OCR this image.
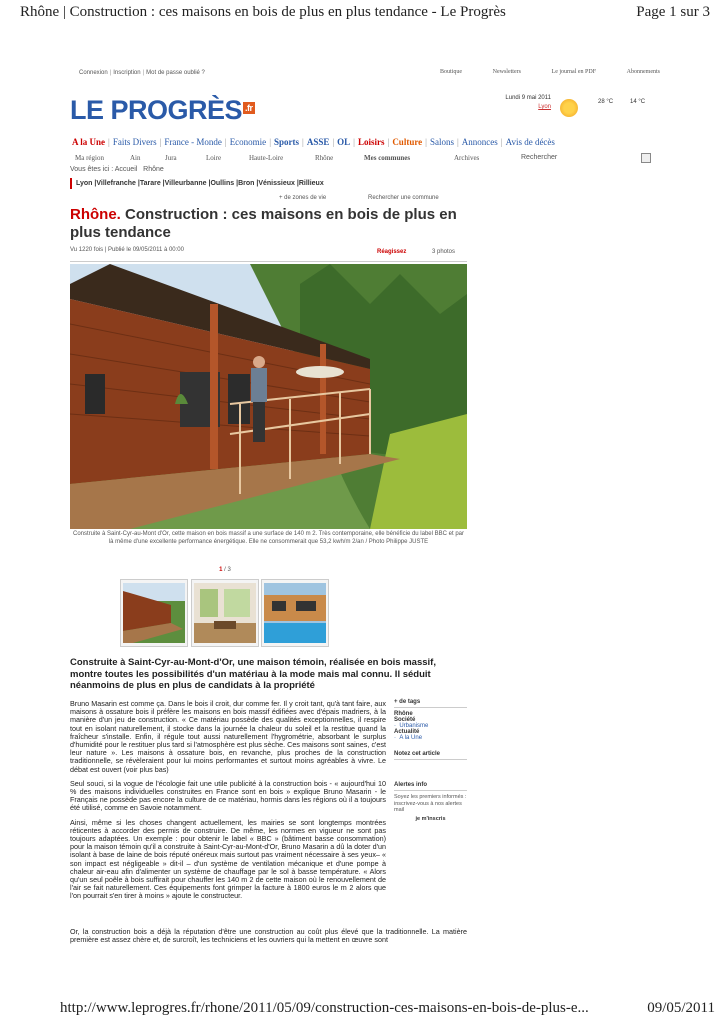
Rhône | Construction : ces maisons en bois de plus en plus tendance - Le Progrès	Page 1 sur 3
Connexion | Inscription | Mot de passe oublié ?	Boutique	Newsletters	Le journal en PDF	Abonnements
LE PROGRÈS .fr
Lundi 9 mai 2011
Lyon
28 °C	14 °C
A la Une | Faits Divers | France - Monde | Economie | Sports | ASSE | OL | Loisirs | Culture | Salons | Annonces | Avis de décès
Ma région	Ain	Jura	Loire	Haute-Loire	Rhône	Mes communes	Archives	Rechercher
Vous êtes ici : Accueil Rhône
Lyon |Villefranche |Tarare |Villeurbanne |Oullins |Bron |Vénissieux |Rillieux
+ de zones de vie	Rechercher une commune
Rhône. Construction : ces maisons en bois de plus en plus tendance
Vu 1220 fois | Publié le 09/05/2011 à 00:00	Réagissez	3 photos
Construite à Saint-Cyr-au-Mont d'Or, cette maison en bois massif a une surface de 140 m 2. Très contemporaine, elle bénéficie du label BBC et par là même d'une excellente performance énergétique. Elle ne consommerait que 53,2 kwh/m 2/an / Photo Philippe JUSTE
1 / 3
Construite à Saint-Cyr-au-Mont-d'Or, une maison témoin, réalisée en bois massif, montre toutes les possibilités d'un matériau à la mode mais mal connu. Il séduit néanmoins de plus en plus de candidats à la propriété

Bruno Masarin est comme ça. Dans le bois il croit, dur comme fer. Il y croit tant, qu'à tant faire, aux maisons à ossature bois il préfère les maisons en bois massif édifiées avec d'épais madriers, à la manière d'un jeu de construction. « Ce matériau possède des qualités exceptionnelles, il respire tout en isolant naturellement, il stocke dans la journée la chaleur du soleil et la restitue quand la fraîcheur s'installe. Enfin, il régule tout aussi naturellement l'hygrométrie, absorbant le surplus d'humidité pour le restituer plus tard si l'atmosphère est plus sèche. Ces maisons sont saines, c'est leur nature ». Les maisons à ossature bois, en revanche, plus proches de la construction traditionnelle, se révèleraient pour lui moins performantes et surtout moins agréables à vivre. Le débat est ouvert (voir plus bas)

Seul souci, si la vogue de l'écologie fait une utile publicité à la construction bois - « aujourd'hui 10 % des maisons individuelles construites en France sont en bois » explique Bruno Masarin - le Français ne possède pas encore la culture de ce matériau, hormis dans les régions où il a toujours été utilisé, comme en Savoie notamment.

Ainsi, même si les choses changent actuellement, les mairies se sont longtemps montrées réticentes à accorder des permis de construire. De même, les normes en vigueur ne sont pas toujours adaptées. Un exemple : pour obtenir le label « BBC » (bâtiment basse consommation) pour la maison témoin qu'il a construite à Saint-Cyr-au-Mont-d'Or, Bruno Masarin a dû la doter d'un isolant à base de laine de bois réputé onéreux mais surtout pas vraiment nécessaire à ses yeux– « son impact est négligeable » dit-il – d'un système de ventilation mécanique et d'une pompe à chaleur air-eau afin d'alimenter un système de chauffage par le sol à basse température. « Alors qu'un seul poêle à bois suffirait pour chauffer les 140 m 2 de cette maison où le renouvellement de l'air se fait naturellement. Ces équipements font grimper la facture à 1800 euros le m 2 alors que l'on pourrait s'en tirer à moins » ajoute le constructeur.

Or, la construction bois a déjà la réputation d'être une construction au coût plus élevé que la traditionnelle. La matière première est assez chère et, de surcroît, les techniciens et les ouvriers qui la mettent en œuvre sont
+ de tags
Rhône
Société
·  Urbanisme
Actualité
·  A la Une
Notez cet article
Alertes info
Soyez les premiers informés : inscrivez-vous à nos alertes mail
je m'inscris
http://www.leprogres.fr/rhone/2011/05/09/construction-ces-maisons-en-bois-de-plus-e...	09/05/2011
